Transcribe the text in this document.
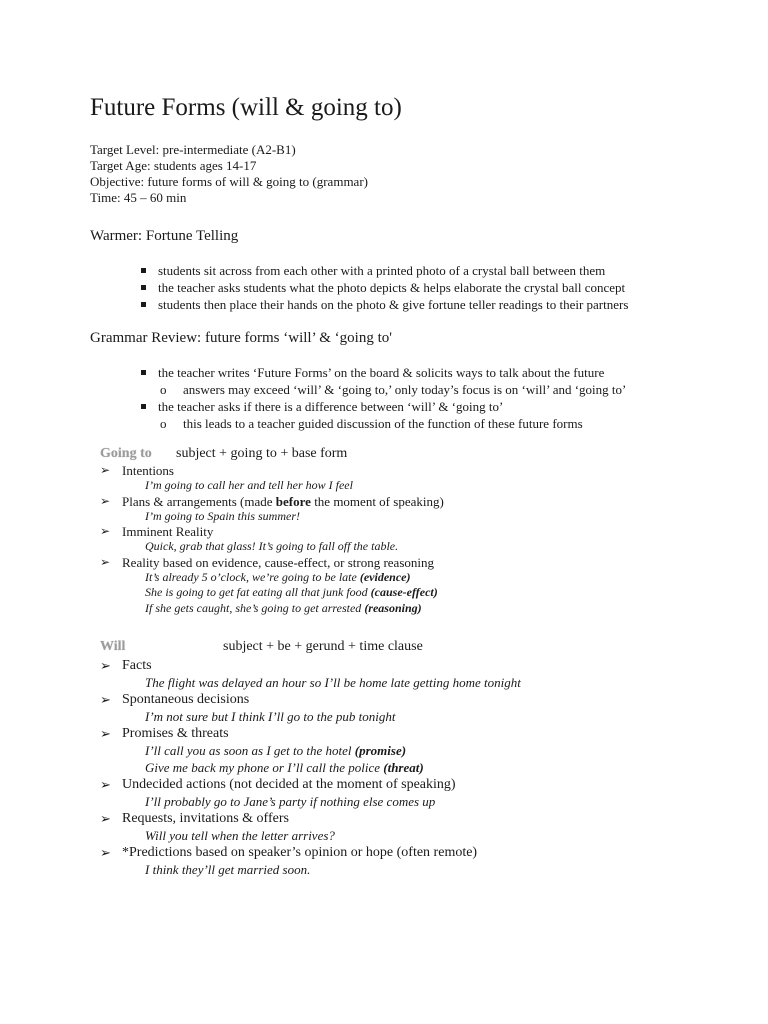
Future Forms (will & going to)
Target Level: pre-intermediate (A2-B1)
Target Age: students ages 14-17
Objective: future forms of will & going to (grammar)
Time: 45 – 60 min
Warmer: Fortune Telling
students sit across from each other with a printed photo of a crystal ball between them
the teacher asks students what the photo depicts & helps elaborate the crystal ball concept
students then place their hands on the photo & give fortune teller readings to their partners
Grammar Review: future forms ‘will’ & ‘going to'
the teacher writes ‘Future Forms’ on the board & solicits ways to talk about the future
o answers may exceed ‘will’ & ‘going to,’ only today’s focus is on ‘will’ and ‘going to’
the teacher asks if there is a difference between ‘will’ & ‘going to’
o this leads to a teacher guided discussion of the function of these future forms
Going to subject + going to + base form
➢ Intentions
I’m going to call her and tell her how I feel
➢ Plans & arrangements (made before the moment of speaking)
I’m going to Spain this summer!
➢ Imminent Reality
Quick, grab that glass! It’s going to fall off the table.
➢ Reality based on evidence, cause-effect, or strong reasoning
It’s already 5 o’clock, we’re going to be late (evidence)
She is going to get fat eating all that junk food (cause-effect)
If she gets caught, she’s going to get arrested (reasoning)
Will	subject + be + gerund + time clause
➢ Facts
The flight was delayed an hour so I’ll be home late getting home tonight
➢ Spontaneous decisions
I’m not sure but I think I’ll go to the pub tonight
➢ Promises & threats
I’ll call you as soon as I get to the hotel (promise)
Give me back my phone or I’ll call the police (threat)
➢ Undecided actions (not decided at the moment of speaking)
I’ll probably go to Jane’s party if nothing else comes up
➢ Requests, invitations & offers
Will you tell when the letter arrives?
➢ *Predictions based on speaker’s opinion or hope (often remote)
I think they’ll get married soon.
